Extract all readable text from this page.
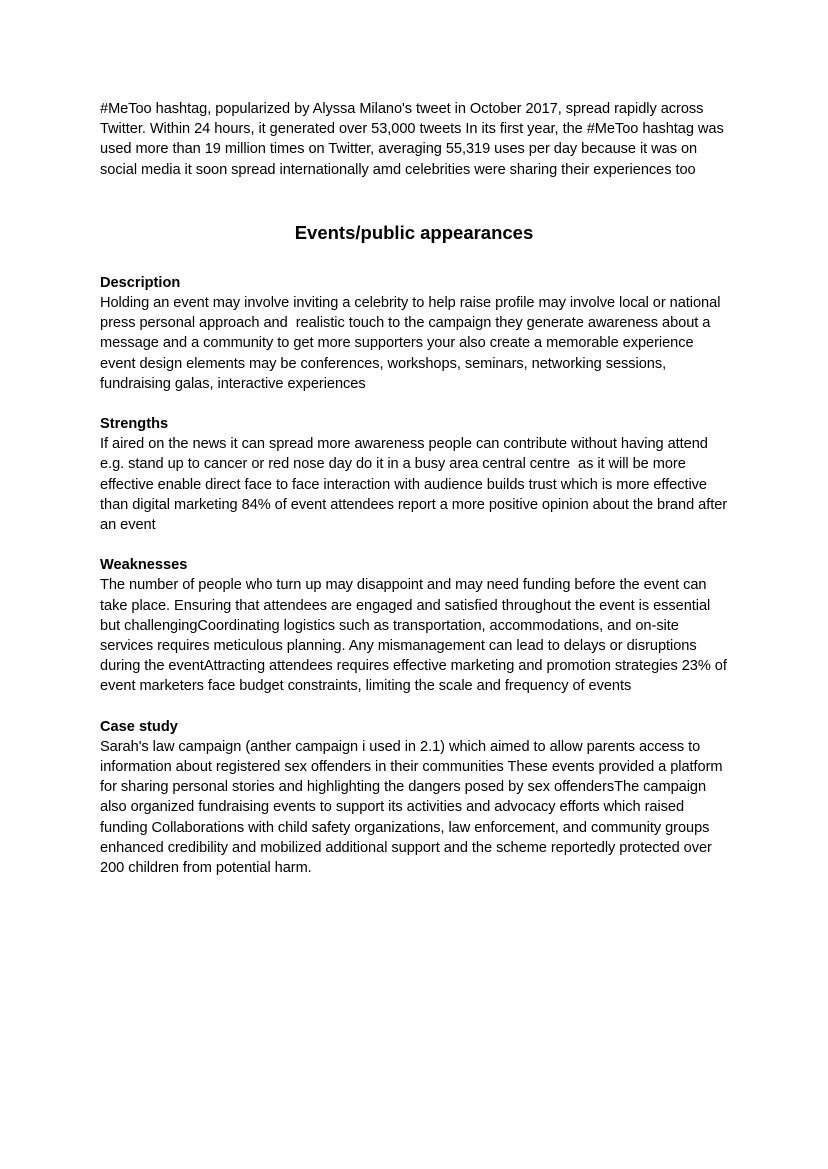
#MeToo hashtag, popularized by Alyssa Milano's tweet in October 2017, spread rapidly across Twitter. Within 24 hours, it generated over 53,000 tweets In its first year, the #MeToo hashtag was used more than 19 million times on Twitter, averaging 55,319 uses per day because it was on social media it soon spread internationally amd celebrities were sharing their experiences too

Events/public appearances
Description

Holding an event may involve inviting a celebrity to help raise profile may involve local or national press personal approach and  realistic touch to the campaign they generate awareness about a message and a community to get more supporters your also create a memorable experience event design elements may be conferences, workshops, seminars, networking sessions, fundraising galas, interactive experiences

Strengths

If aired on the news it can spread more awareness people can contribute without having attend e.g. stand up to cancer or red nose day do it in a busy area central centre  as it will be more effective enable direct face to face interaction with audience builds trust which is more effective than digital marketing 84% of event attendees report a more positive opinion about the brand after an event

Weaknesses

The number of people who turn up may disappoint and may need funding before the event can take place. Ensuring that attendees are engaged and satisfied throughout the event is essential but challengingCoordinating logistics such as transportation, accommodations, and on-site services requires meticulous planning. Any mismanagement can lead to delays or disruptions during the eventAttracting attendees requires effective marketing and promotion strategies 23% of event marketers face budget constraints, limiting the scale and frequency of events

Case study

Sarah's law campaign (anther campaign i used in 2.1) which aimed to allow parents access to information about registered sex offenders in their communities These events provided a platform for sharing personal stories and highlighting the dangers posed by sex offendersThe campaign also organized fundraising events to support its activities and advocacy efforts which raised funding Collaborations with child safety organizations, law enforcement, and community groups enhanced credibility and mobilized additional support and the scheme reportedly protected over 200 children from potential harm.
